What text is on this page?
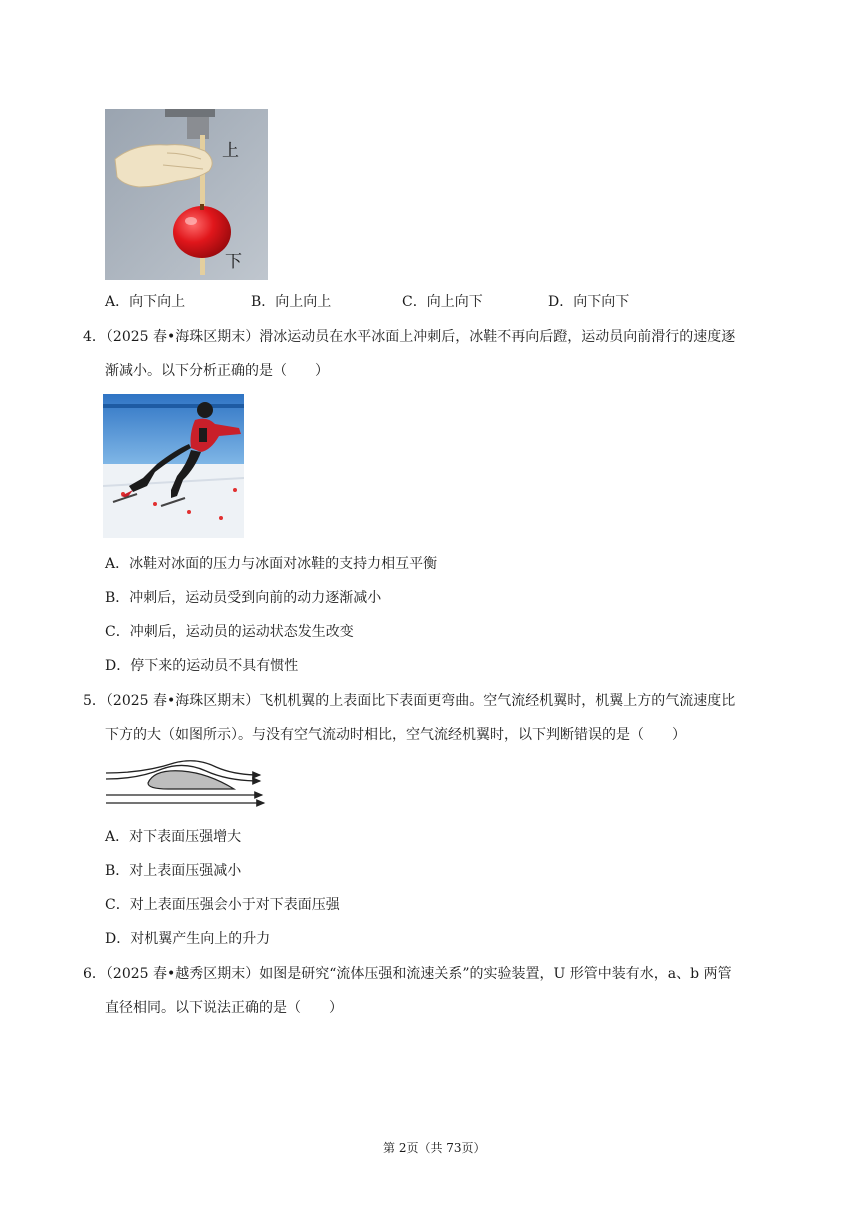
上
下
A．向下向上	B．向上向上	C．向上向下	D．向下向下
4．（2025 春•海珠区期末）滑冰运动员在水平冰面上冲刺后，冰鞋不再向后蹬，运动员向前滑行的速度逐
渐减小。以下分析正确的是（　　）
A．冰鞋对冰面的压力与冰面对冰鞋的支持力相互平衡
B．冲刺后，运动员受到向前的动力逐渐减小
C．冲刺后，运动员的运动状态发生改变
D．停下来的运动员不具有惯性
5．（2025 春•海珠区期末）飞机机翼的上表面比下表面更弯曲。空气流经机翼时，机翼上方的气流速度比
下方的大（如图所示）。与没有空气流动时相比，空气流经机翼时，以下判断错误的是（　　）
A．对下表面压强增大
B．对上表面压强减小
C．对上表面压强会小于对下表面压强
D．对机翼产生向上的升力
6．（2025 春•越秀区期末）如图是研究“流体压强和流速关系”的实验装置，U 形管中装有水，a、b 两管
直径相同。以下说法正确的是（　　）
第 2页（共 73页）
